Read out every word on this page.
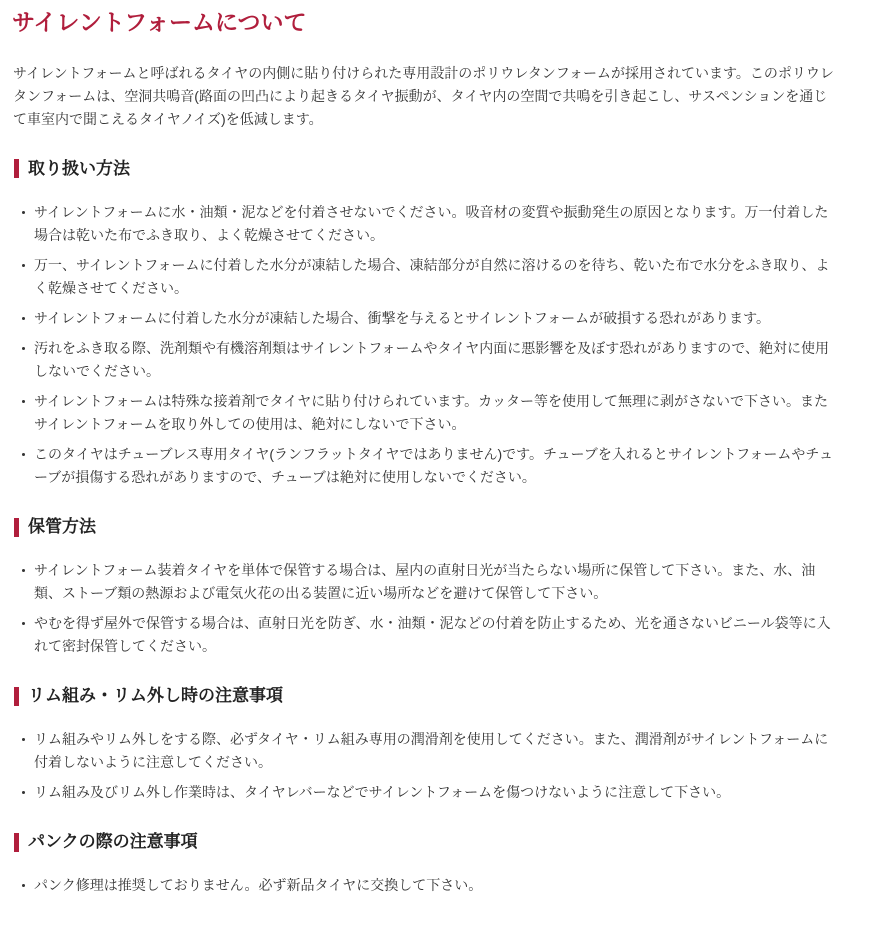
サイレントフォームについて

サイレントフォームと呼ばれるタイヤの内側に貼り付けられた専用設計のポリウレタンフォームが採用されています。このポリウレタンフォームは、空洞共鳴音(路面の凹凸により起きるタイヤ振動が、タイヤ内の空間で共鳴を引き起こし、サスペンションを通じて車室内で聞こえるタイヤノイズ)を低減します。

取り扱い方法
サイレントフォームに水・油類・泥などを付着させないでください。吸音材の変質や振動発生の原因となります。万一付着した場合は乾いた布でふき取り、よく乾燥させてください。
万一、サイレントフォームに付着した水分が凍結した場合、凍結部分が自然に溶けるのを待ち、乾いた布で水分をふき取り、よく乾燥させてください。
サイレントフォームに付着した水分が凍結した場合、衝撃を与えるとサイレントフォームが破損する恐れがあります。
汚れをふき取る際、洗剤類や有機溶剤類はサイレントフォームやタイヤ内面に悪影響を及ぼす恐れがありますので、絶対に使用しないでください。
サイレントフォームは特殊な接着剤でタイヤに貼り付けられています。カッター等を使用して無理に剥がさないで下さい。またサイレントフォームを取り外しての使用は、絶対にしないで下さい。
このタイヤはチューブレス専用タイヤ(ランフラットタイヤではありません)です。チューブを入れるとサイレントフォームやチューブが損傷する恐れがありますので、チューブは絶対に使用しないでください。
保管方法
サイレントフォーム装着タイヤを単体で保管する場合は、屋内の直射日光が当たらない場所に保管して下さい。また、水、油類、ストーブ類の熱源および電気火花の出る装置に近い場所などを避けて保管して下さい。
やむを得ず屋外で保管する場合は、直射日光を防ぎ、水・油類・泥などの付着を防止するため、光を通さないビニール袋等に入れて密封保管してください。
リム組み・リム外し時の注意事項
リム組みやリム外しをする際、必ずタイヤ・リム組み専用の潤滑剤を使用してください。また、潤滑剤がサイレントフォームに付着しないように注意してください。
リム組み及びリム外し作業時は、タイヤレバーなどでサイレントフォームを傷つけないように注意して下さい。
パンクの際の注意事項
パンク修理は推奨しておりません。必ず新品タイヤに交換して下さい。
